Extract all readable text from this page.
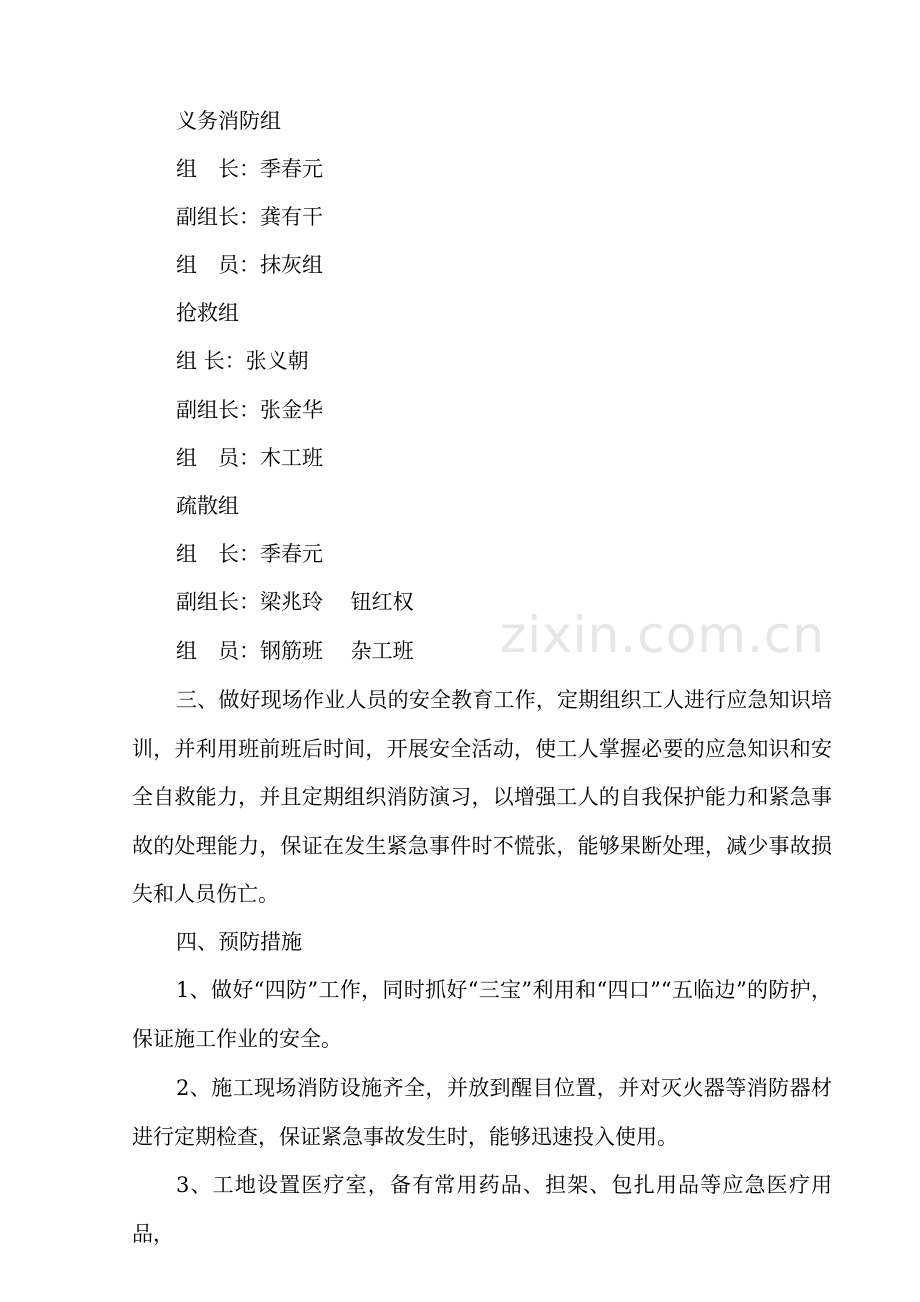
zixin.com.cn
义务消防组
组　长：季春元
副组长：龚有干
组　员：抹灰组
抢救组
组 长：张义朝
副组长：张金华
组　员：木工班
疏散组
组　长：季春元
副组长：梁兆玲　 钮红权
组　员：钢筋班　 杂工班
三、做好现场作业人员的安全教育工作，定期组织工人进行应急知识培训，并利用班前班后时间，开展安全活动，使工人掌握必要的应急知识和安全自救能力，并且定期组织消防演习，以增强工人的自我保护能力和紧急事故的处理能力，保证在发生紧急事件时不慌张，能够果断处理，减少事故损失和人员伤亡。
四、预防措施
1、做好“四防”工作，同时抓好“三宝”利用和“四口”“五临边”的防护，保证施工作业的安全。
2、施工现场消防设施齐全，并放到醒目位置，并对灭火器等消防器材进行定期检查，保证紧急事故发生时，能够迅速投入使用。
3、工地设置医疗室，备有常用药品、担架、包扎用品等应急医疗用品，
